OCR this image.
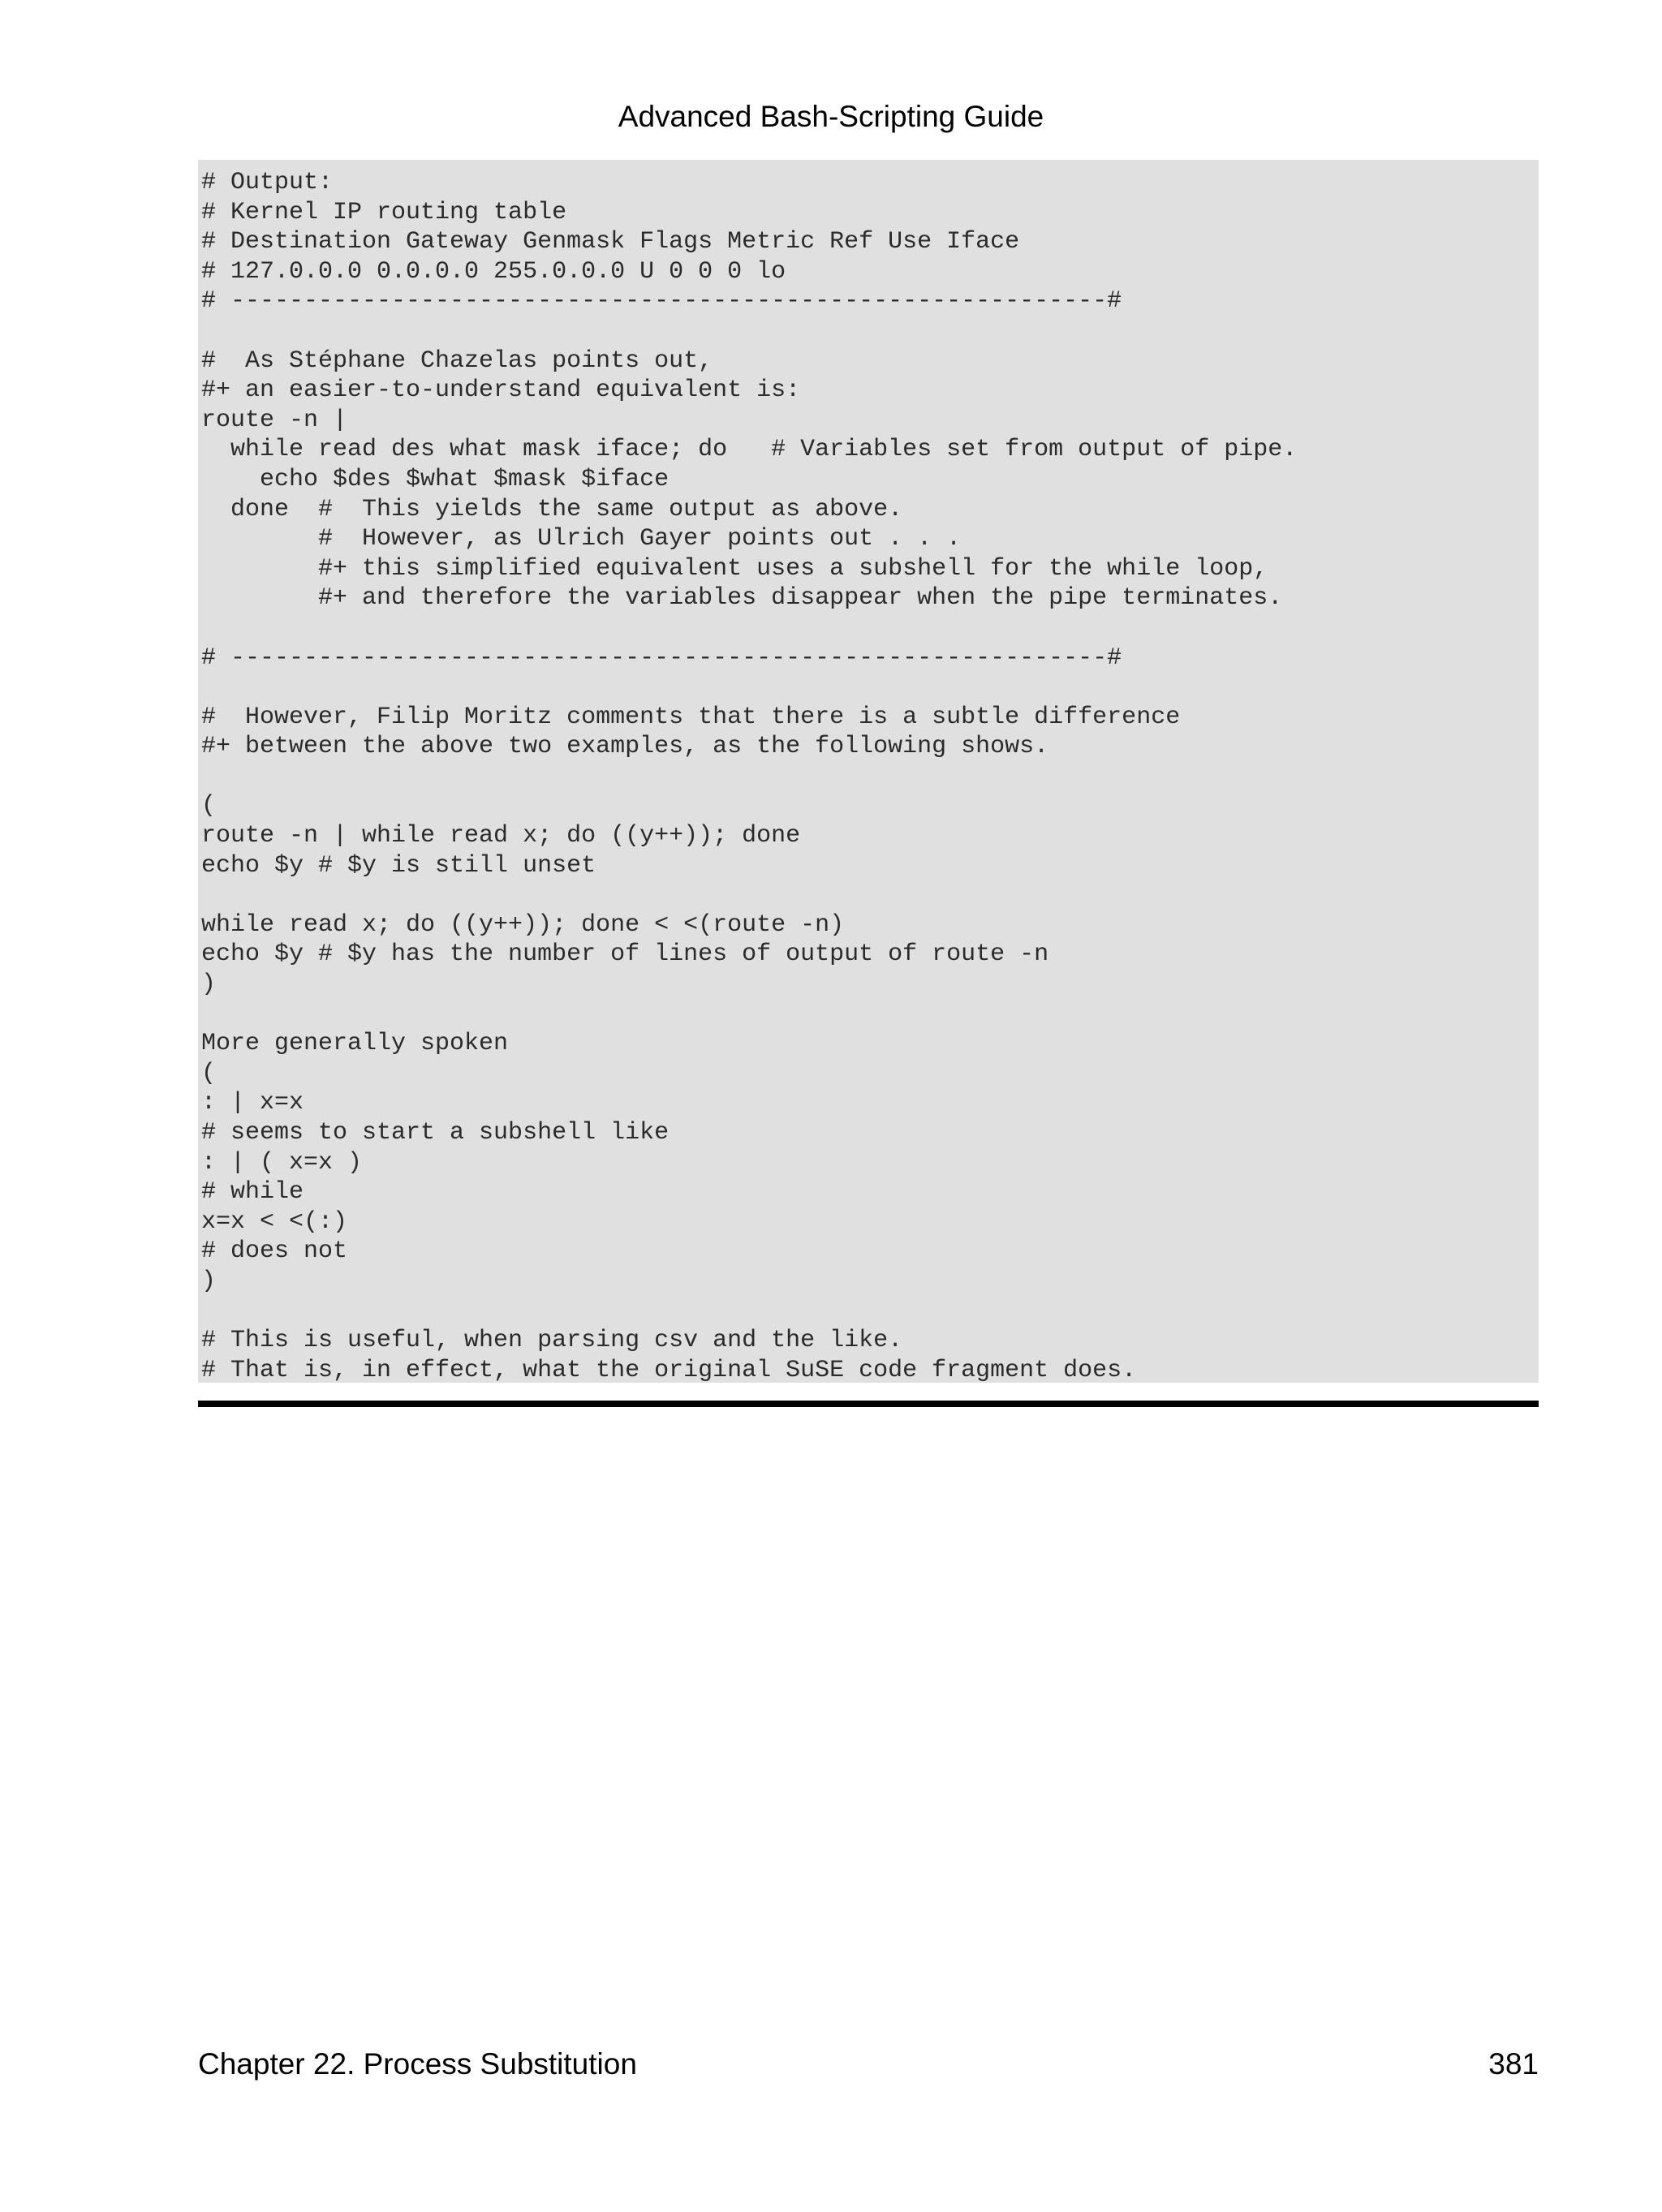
Advanced Bash-Scripting Guide
# Output:
# Kernel IP routing table
# Destination Gateway Genmask Flags Metric Ref Use Iface
# 127.0.0.0 0.0.0.0 255.0.0.0 U 0 0 0 lo
# ------------------------------------------------------------#
#  As Stéphane Chazelas points out,
#+ an easier-to-understand equivalent is:
route -n |
while read des what mask iface; do   # Variables set from output of pipe.
echo $des $what $mask $iface
done  #  This yields the same output as above.
#  However, as Ulrich Gayer points out . . .
#+ this simplified equivalent uses a subshell for the while loop,
#+ and therefore the variables disappear when the pipe terminates.
# ------------------------------------------------------------#
#  However, Filip Moritz comments that there is a subtle difference
#+ between the above two examples, as the following shows.
(
route -n | while read x; do ((y++)); done
echo $y # $y is still unset
while read x; do ((y++)); done < <(route -n)
echo $y # $y has the number of lines of output of route -n
)
More generally spoken
(
: | x=x
# seems to start a subshell like
: | ( x=x )
# while
x=x < <(:)
# does not
)
# This is useful, when parsing csv and the like.
# That is, in effect, what the original SuSE code fragment does.
Chapter 22. Process Substitution	381
